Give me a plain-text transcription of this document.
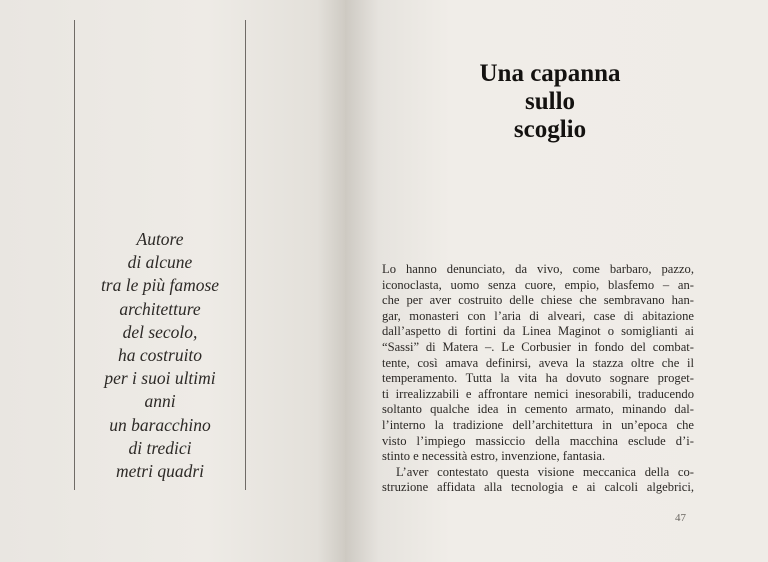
Autore
di alcune
tra le più famose
architetture
del secolo,
ha costruito
per i suoi ultimi
anni
un baracchino
di tredici
metri quadri
Una capanna
sullo
scoglio
Lo hanno denunciato, da vivo, come barbaro, pazzo,
iconoclasta, uomo senza cuore, empio, blasfemo – an-
che per aver costruito delle chiese che sembravano han-
gar, monasteri con l’aria di alveari, case di abitazione
dall’aspetto di fortini da Linea Maginot o somiglianti ai
“Sassi” di Matera –. Le Corbusier in fondo del combat-
tente, così amava definirsi, aveva la stazza oltre che il
temperamento. Tutta la vita ha dovuto sognare proget-
ti irrealizzabili e affrontare nemici inesorabili, traducendo
soltanto qualche idea in cemento armato, minando dal-
l’interno la tradizione dell’architettura in un’epoca che
visto l’impiego massiccio della macchina esclude d’i-
stinto e necessità estro, invenzione, fantasia.
L’aver contestato questa visione meccanica della co-
struzione affidata alla tecnologia e ai calcoli algebrici,
47
